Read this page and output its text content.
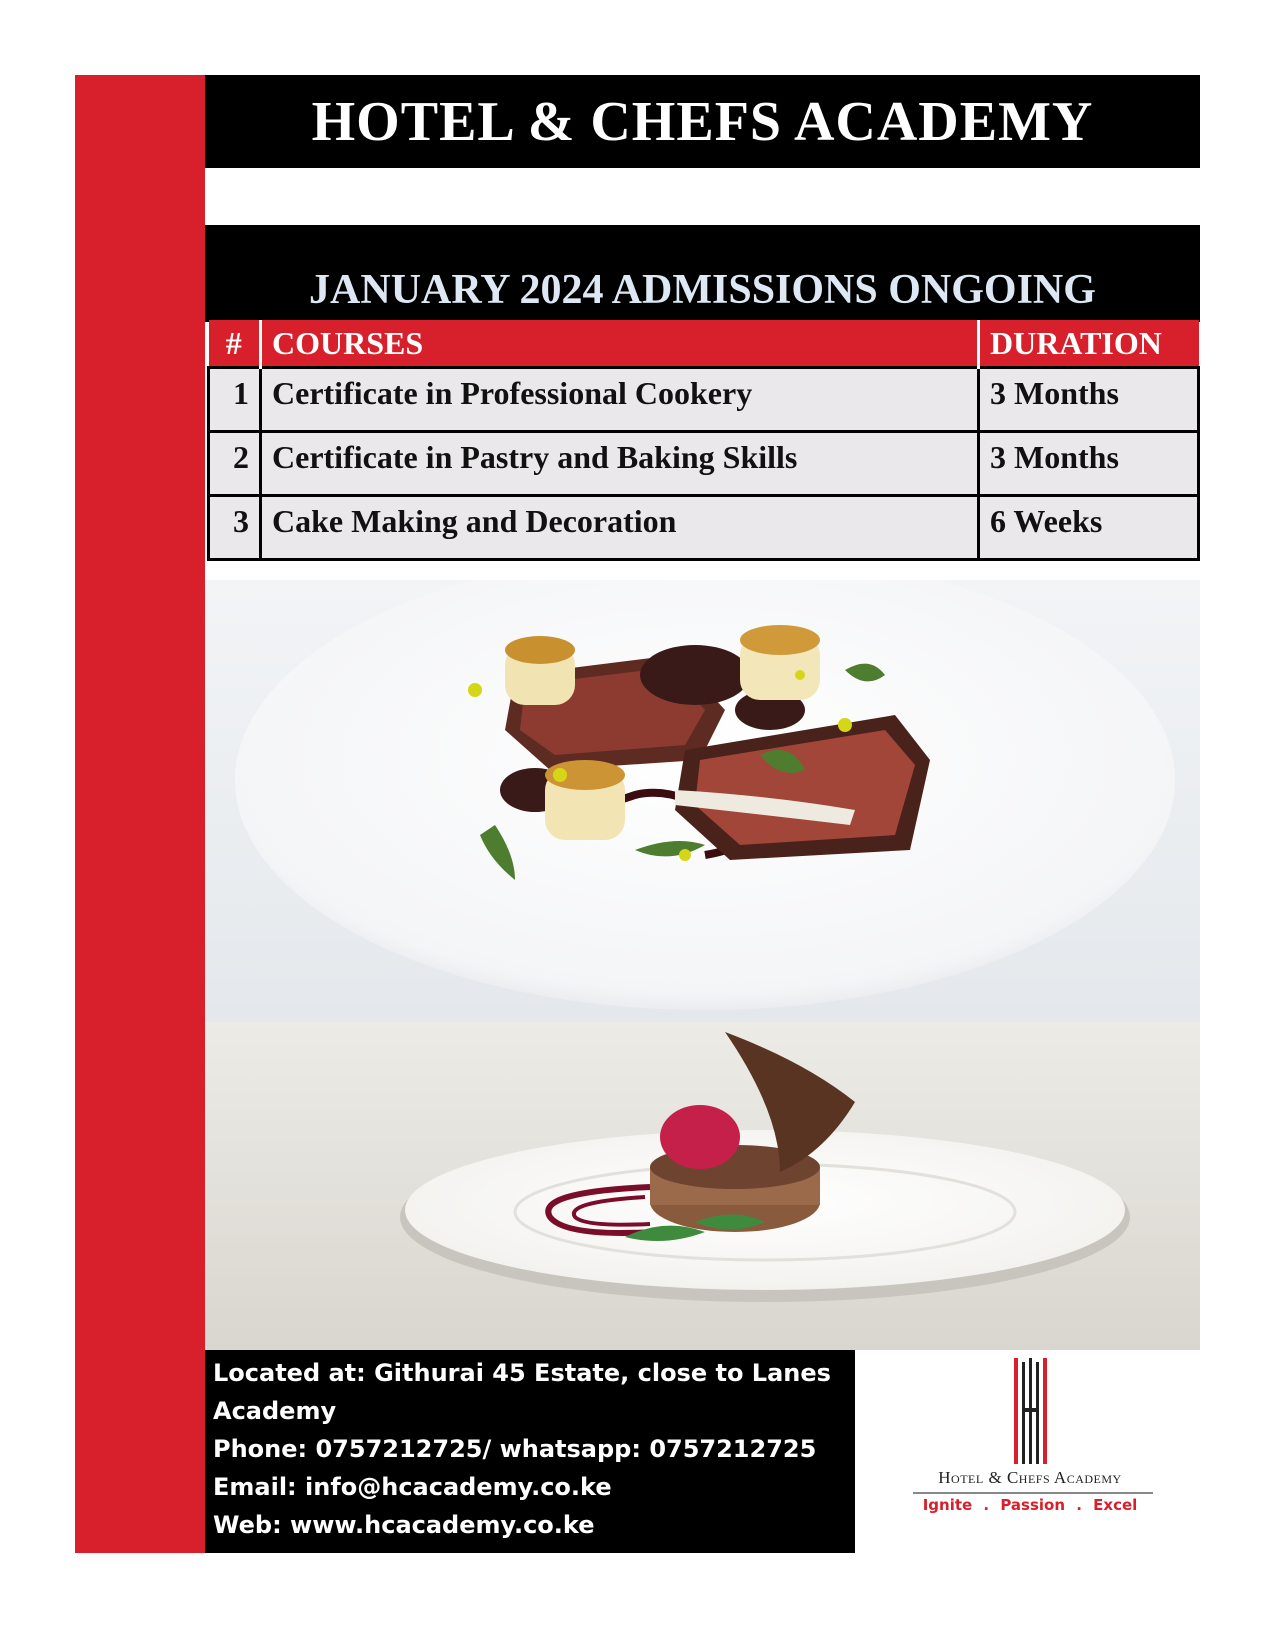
HOTEL & CHEFS ACADEMY
JANUARY 2024 ADMISSIONS ONGOING
#	COURSES	DURATION
1	Certificate in Professional Cookery	3 Months
2	Certificate in Pastry and Baking Skills	3 Months
3	Cake Making and Decoration	6 Weeks
Located at: Githurai 45 Estate, close to Lanes
Academy
Phone: 0757212725/ whatsapp: 0757212725
Email: info@hcacademy.co.ke
Web: www.hcacademy.co.ke
Hotel & Chefs Academy
Ignite . Passion . Excel
